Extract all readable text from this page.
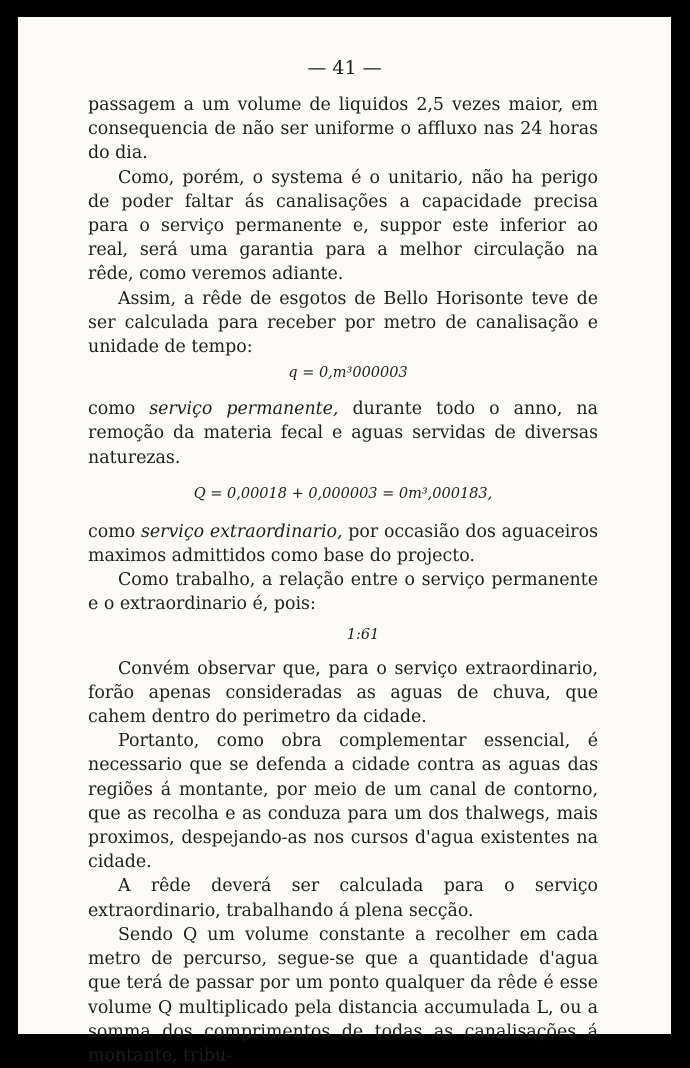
— 41 —

passagem a um volume de liquidos 2,5 vezes maior, em consequencia de não ser uniforme o affluxo nas 24 horas do dia.

Como, porém, o systema é o unitario, não ha perigo de poder faltar ás canalisações a capacidade precisa para o serviço permanente e, suppor este inferior ao real, será uma garantia para a melhor circulação na rêde, como veremos adiante.

Assim, a rêde de esgotos de Bello Horisonte teve de ser calculada para receber por metro de canalisação e unidade de tempo:

q = 0,m³000003

como serviço permanente, durante todo o anno, na remoção da materia fecal e aguas servidas de diversas naturezas.

Q = 0,00018 + 0,000003 = 0m³,000183,

como serviço extraordinario, por occasião dos aguaceiros maximos admittidos como base do projecto.

Como trabalho, a relação entre o serviço permanente e o extraordinario é, pois:

1:61

Convém observar que, para o serviço extraordinario, forão apenas consideradas as aguas de chuva, que cahem dentro do perimetro da cidade.

Portanto, como obra complementar essencial, é necessario que se defenda a cidade contra as aguas das regiões á montante, por meio de um canal de contorno, que as recolha e as conduza para um dos thalwegs, mais proximos, despejando-as nos cursos d'agua existentes na cidade.

A rêde deverá ser calculada para o serviço extraordinario, trabalhando á plena secção.

Sendo Q um volume constante a recolher em cada metro de percurso, segue-se que a quantidade d'agua que terá de passar por um ponto qualquer da rêde é esse volume Q multiplicado pela distancia accumulada L, ou a somma dos comprimentos de todas as canalisações á montante, tribu-
